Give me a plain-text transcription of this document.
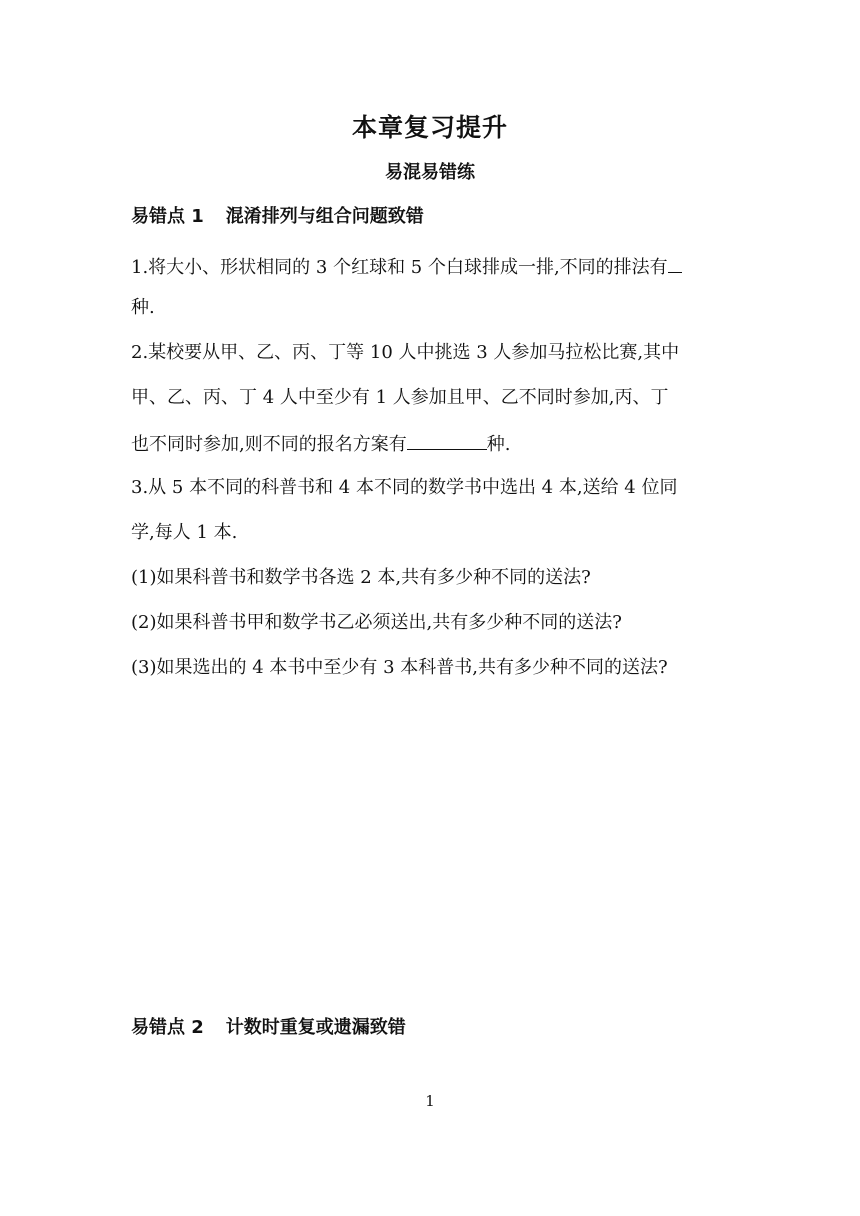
本章复习提升
易混易错练
易错点 1 混淆排列与组合问题致错
1.将大小、形状相同的 3 个红球和 5 个白球排成一排,不同的排法有
种.
2.某校要从甲、乙、丙、丁等 10 人中挑选 3 人参加马拉松比赛,其中
甲、乙、丙、丁 4 人中至少有 1 人参加且甲、乙不同时参加,丙、丁
也不同时参加,则不同的报名方案有	种.
3.从 5 本不同的科普书和 4 本不同的数学书中选出 4 本,送给 4 位同
学,每人 1 本.
(1)如果科普书和数学书各选 2 本,共有多少种不同的送法?
(2)如果科普书甲和数学书乙必须送出,共有多少种不同的送法?
(3)如果选出的 4 本书中至少有 3 本科普书,共有多少种不同的送法?
易错点 2 计数时重复或遗漏致错
1
